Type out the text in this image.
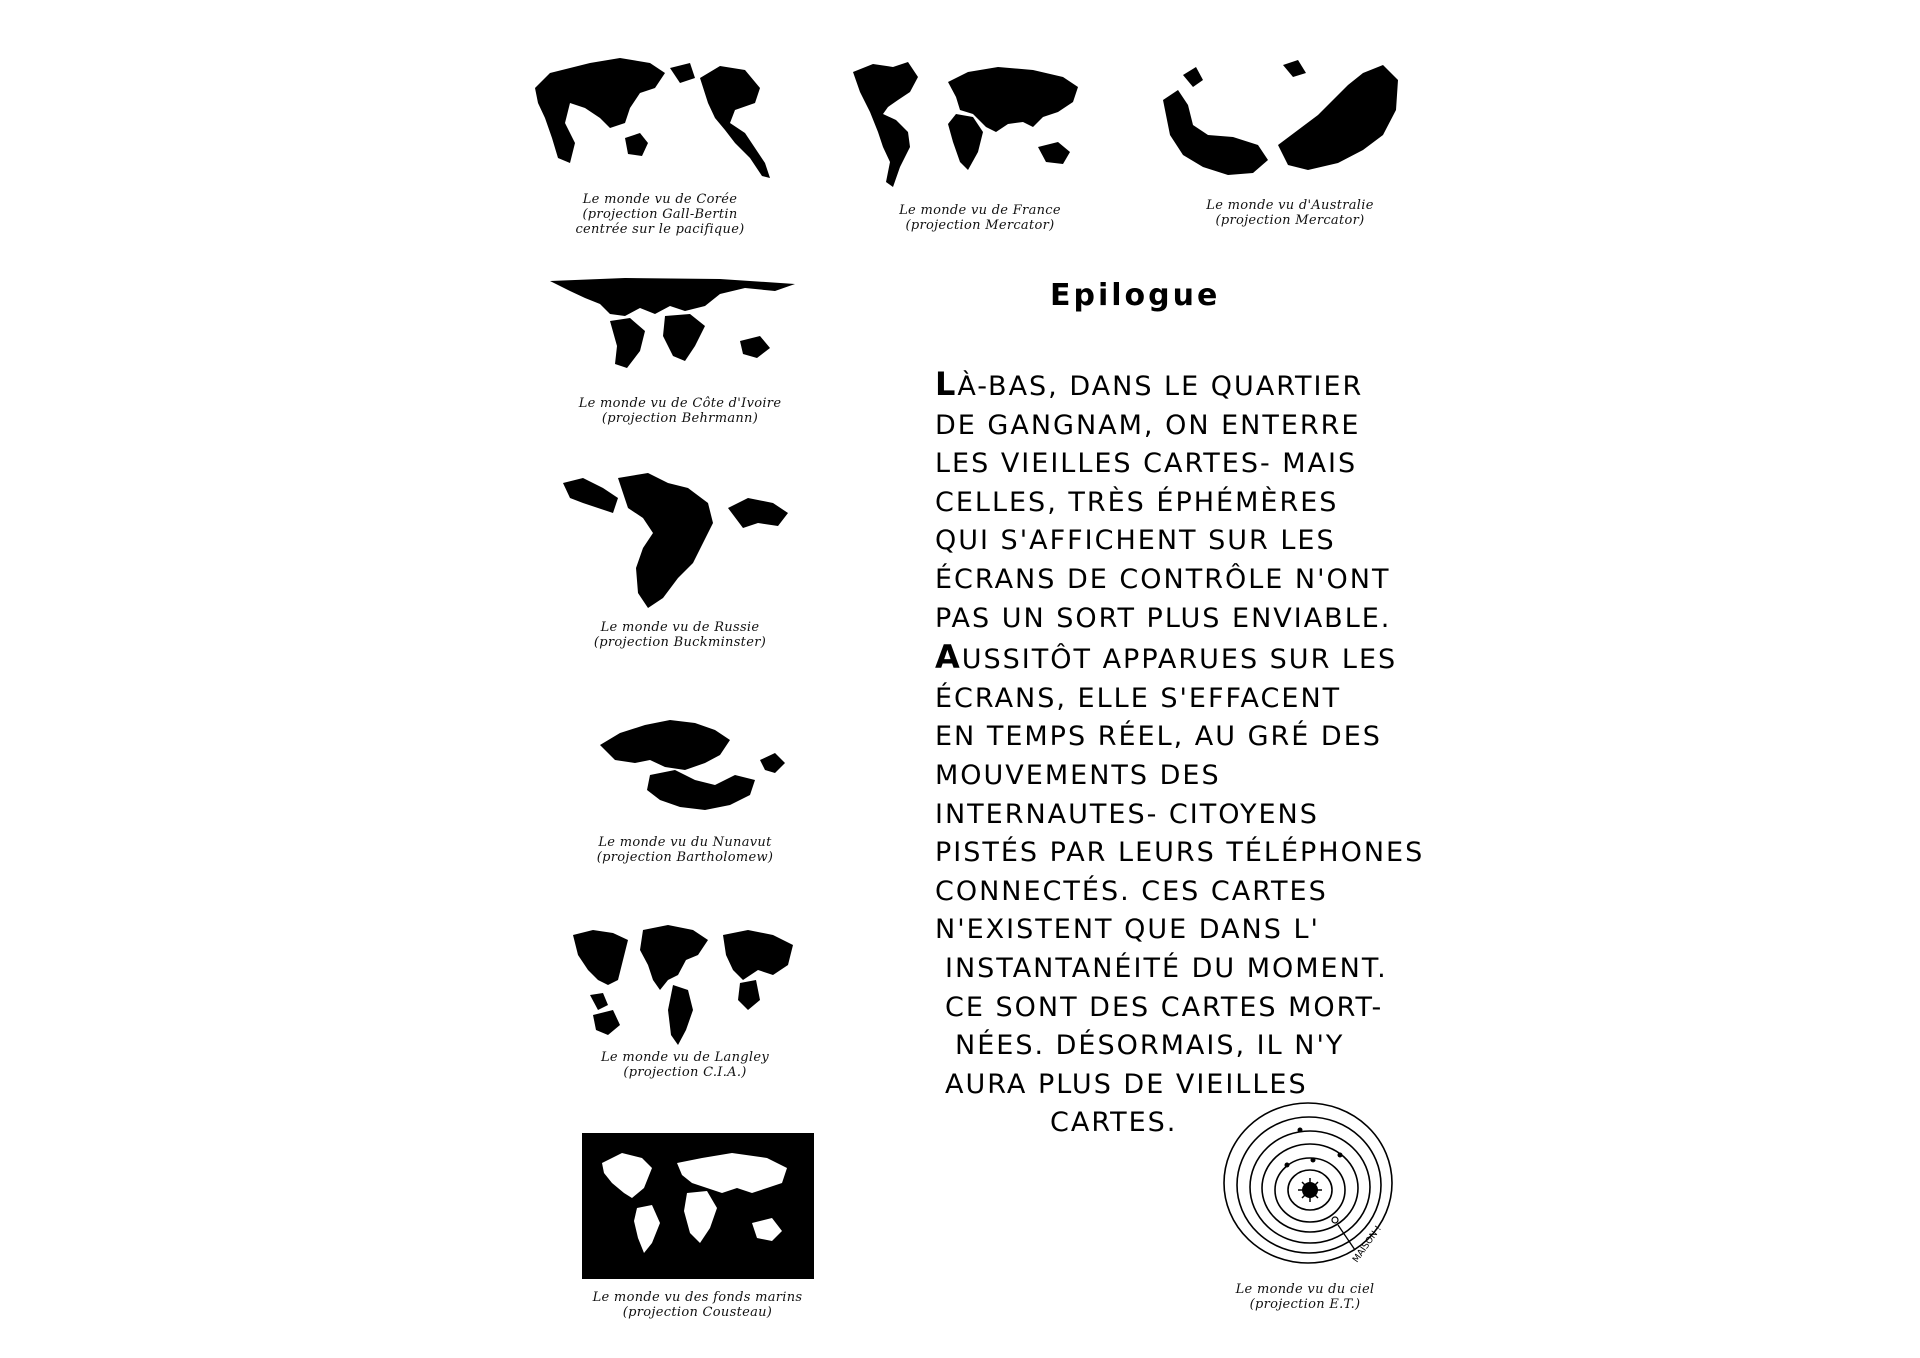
Le monde vu de Corée
(projection Gall-Bertin
centrée sur le pacifique)
Le monde vu de France
(projection Mercator)
Le monde vu d'Australie
(projection Mercator)
Le monde vu de Côte d'Ivoire
(projection Behrmann)
Le monde vu de Russie
(projection Buckminster)
Le monde vu du Nunavut
(projection Bartholomew)
Le monde vu de Langley
(projection C.I.A.)
Le monde vu des fonds marins
(projection Cousteau)
MAISON !
Le monde vu du ciel
(projection E.T.)
Epilogue
LÀ-BAS, DANS LE QUARTIER
DE GANGNAM, ON ENTERRE
LES VIEILLES CARTES- MAIS
CELLES, TRÈS ÉPHÉMÈRES
QUI S'AFFICHENT SUR LES
ÉCRANS DE CONTRÔLE N'ONT
PAS UN SORT PLUS ENVIABLE.
AUSSITÔT APPARUES SUR LES
ÉCRANS, ELLE S'EFFACENT
EN TEMPS RÉEL, AU GRÉ DES
MOUVEMENTS DES
INTERNAUTES- CITOYENS
PISTÉS PAR LEURS TÉLÉPHONES
CONNECTÉS. CES CARTES
N'EXISTENT QUE DANS L'
INSTANTANÉITÉ DU MOMENT.
CE SONT DES CARTES MORT-
NÉES. DÉSORMAIS, IL N'Y
AURA PLUS DE VIEILLES
CARTES.
